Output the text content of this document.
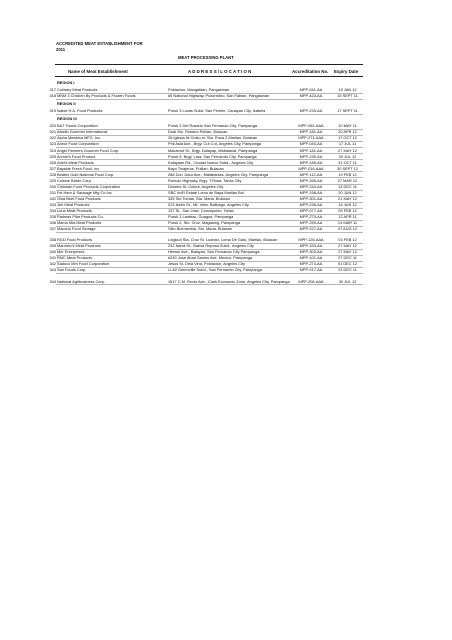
ACCREDITED MEAT ESTABLISHMENT FOR
2011
MEAT PROCESSING PLANT
Name of Meat Establishment	A D D R E S S / L O C A T I O N	Accreditation No. Expiry Date
REGION I
317 Culinary Meat Products	Poblacion, Mangaldan, Pangasinan	MPP-041-AA	15 JAN 12
318 MNM 3 Chicken By Products & Frozen Foods	#5 National Highway, Pozorrubio, San Fabian, Pangasinan	MPP-423-AA	15 SEPT 11
REGION II
319 Isabel H.A. Food Products	Purok 3 Lucas Subd. San Fermin, Cauayan City, Isabela	MPP-233-AA	17 SEPT 11
REGION III
320 B&T Foods Corporation	Purok 2 Del Rosario San Fernando City, Pampanga	MPP-062-AAA	10 MAY 11
321 Alladin Gourmet International	Dual Sto. Rosario Pulilan, Bulacan	MPP-181-AA	20 APR 12
322 Alpha Meatrica MFG. Inc.	26 Iglesia Ni Cristo st. Sta. Rosa 2 Marilao, Bulacan	MPP-271-AAA	17 OCT 12
323 Aneor Food Corporation	Phil Asia Ave., Brgy. Cut Cut, Angeles City, Pampanga	MPP-040-AA	17 JUL 11
324 Angel Farmers Gourmet Food Corp.	Macamot St., Brgy. Dalayap, Mabalacat, Pampanga	MPP-181-AA	27 MAY 12
325 Archie's Food Product	Purok 5, Brgy. Lara, San Fernando City, Pampanga	MPP-235-AA	20 JUL 12
326 Ariel's Meat Products	Kalayaan Rd., Ciudad Nuevo Subd., Angeles City	MPP-185-AA	31 OCT 11
327 Bayside Fresh Food, Inc.	Bayo Tinajeros, Pulilan, Bulacan	MPP-016-AAA	30 SEPT 12
328 Beatriz Gold National Food Corp.	288 Don Juico Ave., Malabanias, Angeles City, Pampanga	MPP-112-AA	19 FEB 12
329 Cuisine Baker Corp.	Romulo Highway, Brgy. T.Rosa, Tarlac City	MPP-265-AA	27 MAR 12
330 Christian Food Products Corporation	Dolores St. Cutcut, Angeles City	MPP-243-AA	13 DEC 11
331 Fel Ham & Sausage Mfg Co.Inc	SBC Indl'l Estate Lomo de Baya Marilao Bul	MPP-198-AA	20 JUN 12
332 Gina Beef Food Products	335 Sto Tomas, Sta. Maria, Bulacan	MPP-301-AA	21 MAY 12
333 Jen Meat Products	013 Isidro St., Mt. View, Balibago, Angeles City	MPP-236-AA	16 JUN 12
334 Luna Meat Products	137 St., San Jose, Concepcion, Tarlac	MPP-077-AA	09 FEB 12
335 Padmas Pilar Products Co.	Purok 1 Lambac, Guagua, Pampanga	MPP-270-AA	12 APR 11
336 Mama Mia Meat Products	Purok 2, Sto. Cruz, Magalang, Pampanga	MPP-259-AA	14 MAR 11
337 Macario Food Storage	Sitio Buenavista, Sto. Maria, Bulacan	MPP-227-AA	07 AUG 12
338 RGD Food Products	Lingkud Sta. Cruz St. Looban, Loma De Gato, Marilao, Bulacan	MPP-126-AAA	03 FEB 12
339 Mauricio's Meat Products	232 Narra St., Baesa Reposa Subd., Angeles City	MPP-333-AA	27 MAY 12
340 Mer Enterprises	Herwin Ave., Balayan, San Fernando City Pampanga	MPP-303-AA	27 MAY 12
341 RMC Meat Products	#249 Jose Abad Santos Ave. Mexico, Pampanga	MPP-101-AA	27 DEC 11
342 Sadoco Mm Food Corporation	Jesus St. Dela Vina, Poblacion, Angeles City	MPP-274-AA	01 DEC 12
343 San Foods Corp.	LI-82 Greenville Subd., San Fernando City, Pampanga	MPP-017-AA	23 DEC 11
344 National Agribusiness Corp.	1517 C.M. Recto Ave., Clark Economic Zone, Angeles City, Pampanga	MPP-206-AAA	30 JUL 12
